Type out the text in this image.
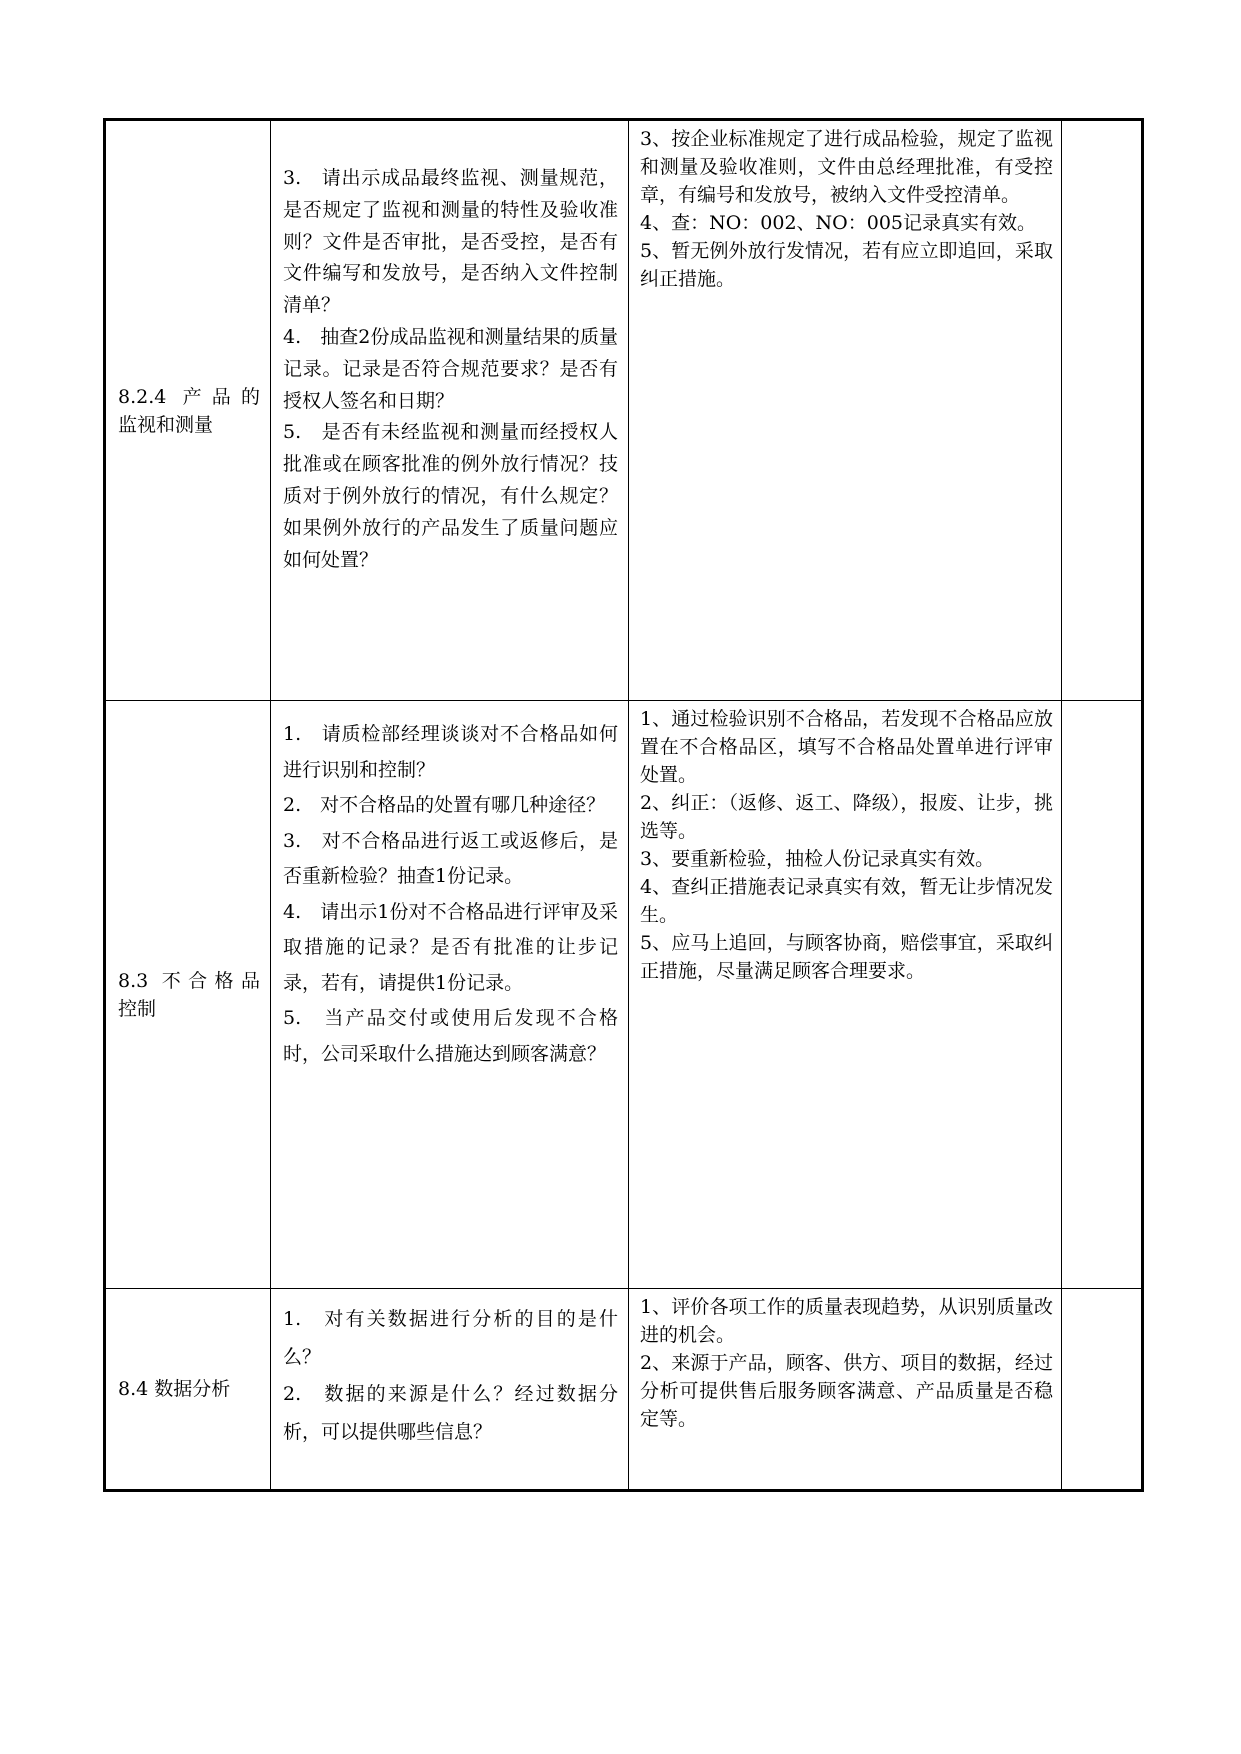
8.2.4 产品的
监视和测量
3.　请出示成品最终监视、测量规范，是否规定了监视和测量的特性及验收准则？文件是否审批，是否受控，是否有文件编写和发放号，是否纳入文件控制清单？
4.　抽查2份成品监视和测量结果的质量记录。记录是否符合规范要求？是否有授权人签名和日期？
5.　是否有未经监视和测量而经授权人批准或在顾客批准的例外放行情况？技质对于例外放行的情况，有什么规定？如果例外放行的产品发生了质量问题应如何处置？
3、按企业标准规定了进行成品检验，规定了监视和测量及验收准则，文件由总经理批准，有受控章，有编号和发放号，被纳入文件受控清单。
4、查：NO：002、NO：005记录真实有效。
5、暂无例外放行发情况，若有应立即追回，采取纠正措施。
8.3 不合格品
控制
1.　请质检部经理谈谈对不合格品如何进行识别和控制？
2.　对不合格品的处置有哪几种途径？
3.　对不合格品进行返工或返修后，是否重新检验？抽查1份记录。
4.　请出示1份对不合格品进行评审及采取措施的记录？是否有批准的让步记录，若有，请提供1份记录。
5.　当产品交付或使用后发现不合格时，公司采取什么措施达到顾客满意？
1、通过检验识别不合格品，若发现不合格品应放置在不合格品区，填写不合格品处置单进行评审处置。
2、纠正：（返修、返工、降级），报废、让步，挑选等。
3、要重新检验，抽检人份记录真实有效。
4、查纠正措施表记录真实有效，暂无让步情况发生。
5、应马上追回，与顾客协商，赔偿事宜，采取纠正措施，尽量满足顾客合理要求。
8.4 数据分析
1.　对有关数据进行分析的目的是什么？
2.　数据的来源是什么？经过数据分析，可以提供哪些信息？
1、评价各项工作的质量表现趋势，从识别质量改进的机会。
2、来源于产品，顾客、供方、项目的数据，经过分析可提供售后服务顾客满意、产品质量是否稳定等。
